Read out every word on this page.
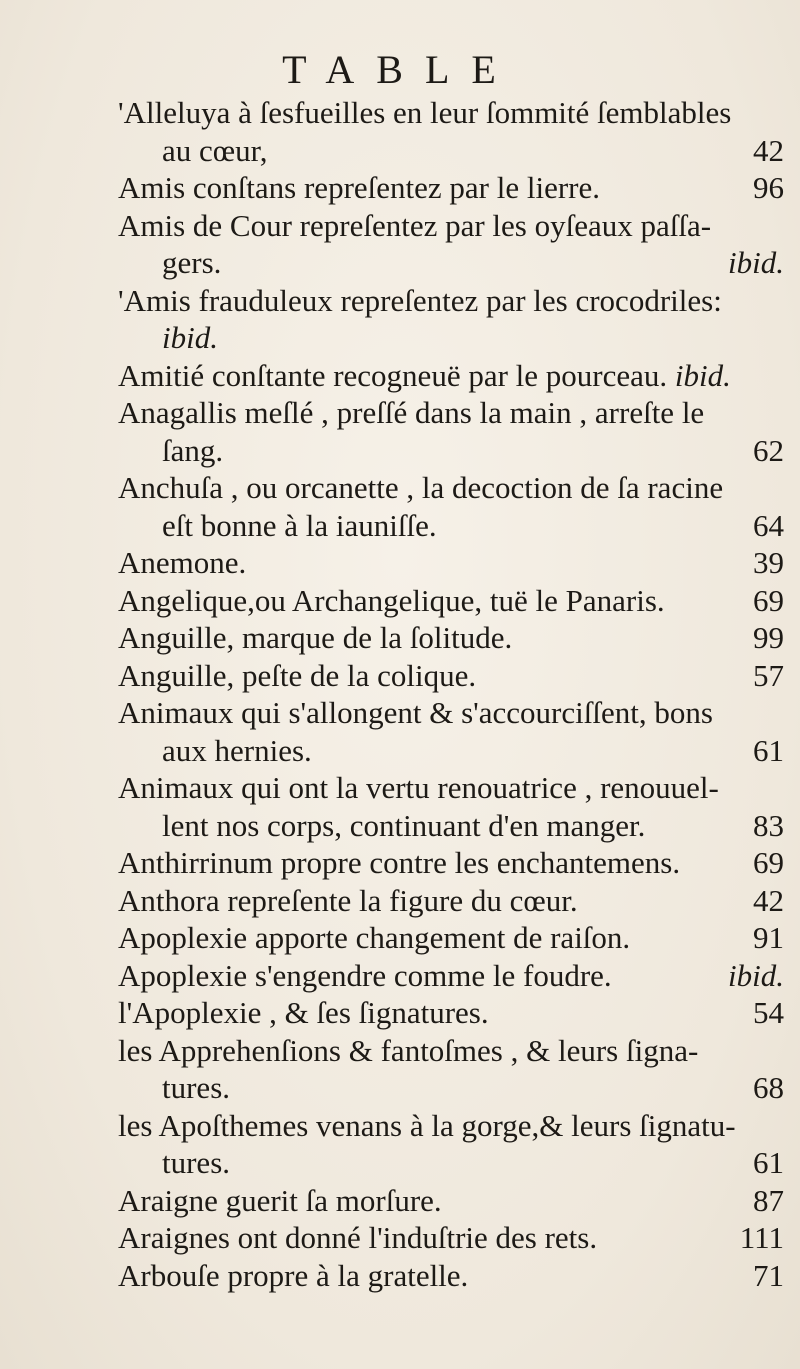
TABLE
'Alleluya à ſesfueilles en leur ſommité ſemblables
au cœur,	42
Amis conſtans repreſentez par le lierre.	96
Amis de Cour repreſentez par les oyſeaux paſſa-
gers.	ibid.
'Amis frauduleux repreſentez par les crocodriles:
ibid.
Amitié conſtante recogneuë par le pourceau. ibid.
Anagallis meſlé , preſſé dans la main , arreſte le
ſang.	62
Anchuſa , ou orcanette , la decoction de ſa racine
eſt bonne à la iauniſſe.	64
Anemone.	39
Angelique,ou Archangelique, tuë le Panaris.	69
Anguille, marque de la ſolitude.	99
Anguille, peſte de la colique.	57
Animaux qui s'allongent & s'accourciſſent, bons
aux hernies.	61
Animaux qui ont la vertu renouatrice , renouuel-
lent nos corps, continuant d'en manger.	83
Anthirrinum propre contre les enchantemens.	69
Anthora repreſente la figure du cœur.	42
Apoplexie apporte changement de raiſon.	91
Apoplexie s'engendre comme le foudre.	ibid.
l'Apoplexie , & ſes ſignatures.	54
les Apprehenſions & fantoſmes , & leurs ſigna-
tures.	68
les Apoſthemes venans à la gorge,& leurs ſignatu-
tures.	61
Araigne guerit ſa morſure.	87
Araignes ont donné l'induſtrie des rets.	111
Arbouſe propre à la gratelle.	71
